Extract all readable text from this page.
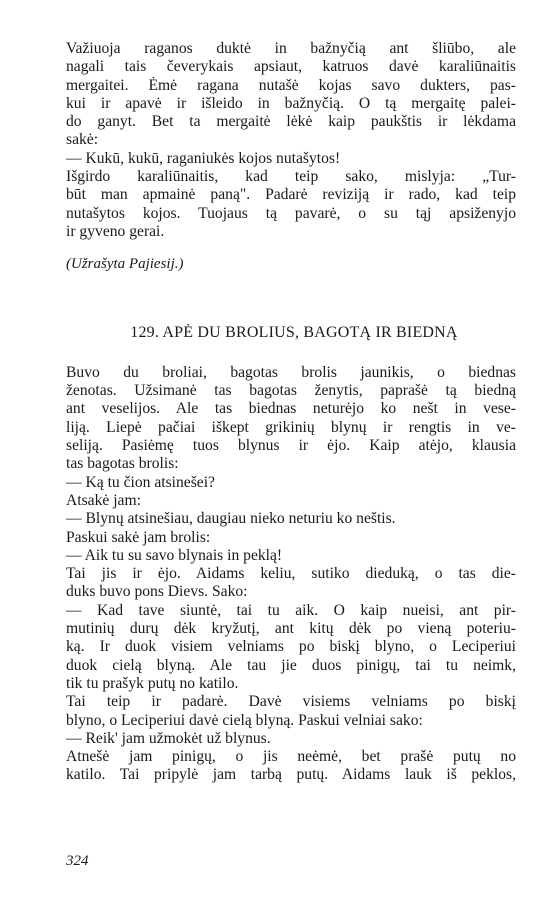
Važiuoja raganos duktė in bažnyčią ant šliūbo, ale
nagali tais čeverykais apsiaut, katruos davė karaliūnaitis
mergaitei. Ėmė ragana nutašė kojas savo dukters, pas-
kui ir apavė ir išleido in bažnyčią. O tą mergaitę palei-
do ganyt. Bet ta mergaitė lėkė kaip paukštis ir lėkdama
sakė:
— Kukū, kukū, raganiukės kojos nutašytos!
Išgirdo karaliūnaitis, kad teip sako, mislyja: „Tur-
būt man apmainė paną". Padarė reviziją ir rado, kad teip
nutašytos kojos. Tuojaus tą pavarė, o su tąj apsiženyjo
ir gyveno gerai.
(Užrašyta Pajiesij.)
129. APĖ DU BROLIUS, BAGOTĄ IR BIEDNĄ
Buvo du broliai, bagotas brolis jaunikis, o biednas
ženotas. Užsimanė tas bagotas ženytis, paprašė tą biedną
ant veselijos. Ale tas biednas neturėjo ko nešt in vese-
liją. Liepė pačiai iškept grikinių blynų ir rengtis in ve-
seliją. Pasiėmę tuos blynus ir ėjo. Kaip atėjo, klausia
tas bagotas brolis:
— Ką tu čion atsinešei?
Atsakė jam:
— Blynų atsinešiau, daugiau nieko neturiu ko neštis.
Paskui sakė jam brolis:
— Aik tu su savo blynais in peklą!
Tai jis ir ėjo. Aidams keliu, sutiko dieduką, o tas die-
duks buvo pons Dievs. Sako:
— Kad tave siuntė, tai tu aik. O kaip nueisi, ant pir-
mutinių durų dėk kryžutį, ant kitų dėk po vieną poteriu-
ką. Ir duok visiem velniams po biskį blyno, o Leciperiui
duok cielą blyną. Ale tau jie duos pinigų, tai tu neimk,
tik tu prašyk putų no katilo.
Tai teip ir padarė. Davė visiems velniams po biskį
blyno, o Leciperiui davė cielą blyną. Paskui velniai sako:
— Reik' jam užmokėt už blynus.
Atnešė jam pinigų, o jis neėmė, bet prašė putų no
katilo. Tai pripylė jam tarbą putų. Aidams lauk iš peklos,
324
